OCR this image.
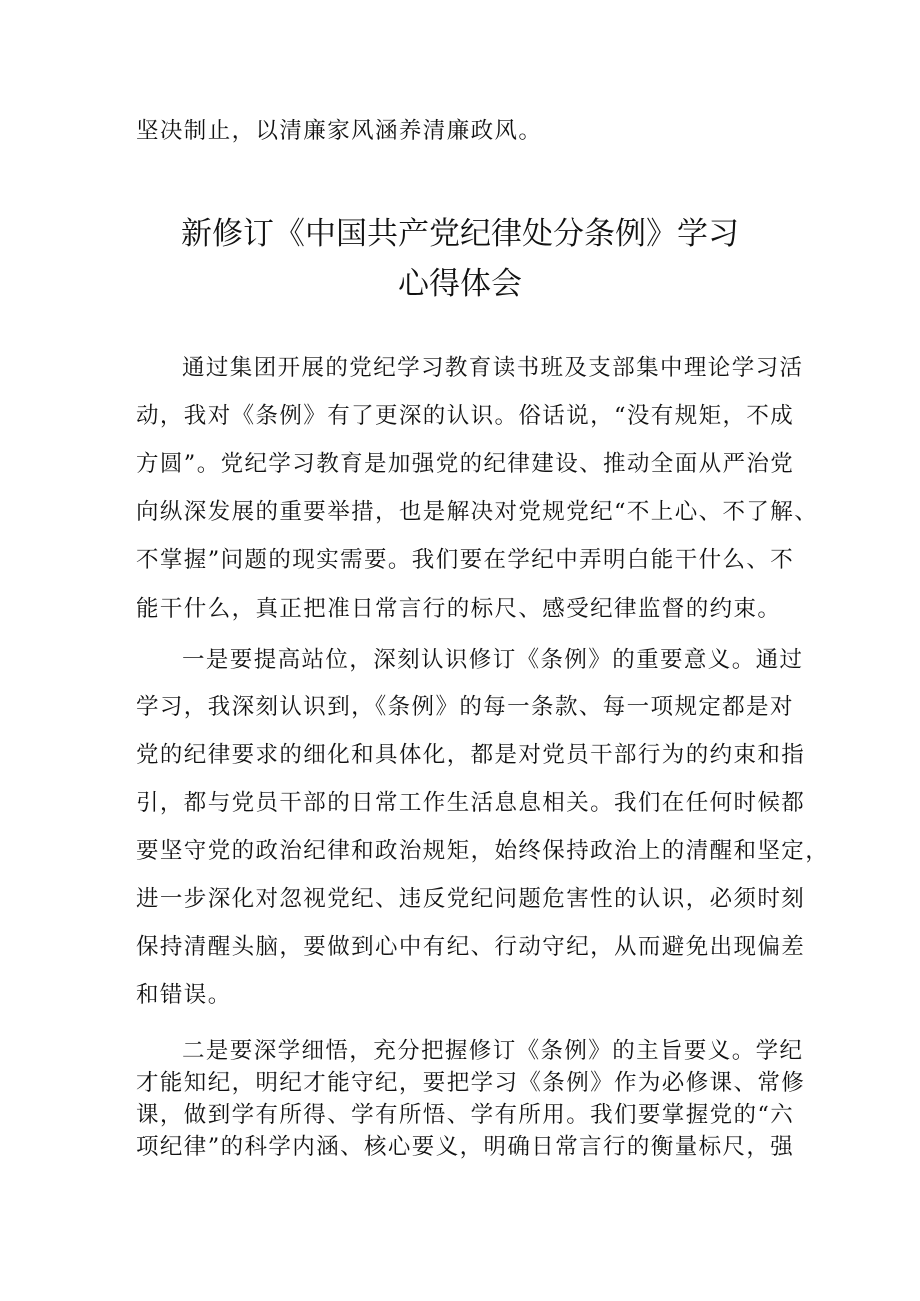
坚决制止，以清廉家风涵养清廉政风。
新修订《中国共产党纪律处分条例》学习
心得体会
通过集团开展的党纪学习教育读书班及支部集中理论学习活
动，我对《条例》有了更深的认识。俗话说，“没有规矩，不成
方圆”。党纪学习教育是加强党的纪律建设、推动全面从严治党
向纵深发展的重要举措，也是解决对党规党纪“不上心、不了解、
不掌握”问题的现实需要。我们要在学纪中弄明白能干什么、不
能干什么，真正把准日常言行的标尺、感受纪律监督的约束。
一是要提高站位，深刻认识修订《条例》的重要意义。通过
学习，我深刻认识到，《条例》的每一条款、每一项规定都是对
党的纪律要求的细化和具体化，都是对党员干部行为的约束和指
引，都与党员干部的日常工作生活息息相关。我们在任何时候都
要坚守党的政治纪律和政治规矩，始终保持政治上的清醒和坚定，
进一步深化对忽视党纪、违反党纪问题危害性的认识，必须时刻
保持清醒头脑，要做到心中有纪、行动守纪，从而避免出现偏差
和错误。
二是要深学细悟，充分把握修订《条例》的主旨要义。学纪
才能知纪，明纪才能守纪，要把学习《条例》作为必修课、常修
课，做到学有所得、学有所悟、学有所用。我们要掌握党的“六
项纪律”的科学内涵、核心要义，明确日常言行的衡量标尺，强
